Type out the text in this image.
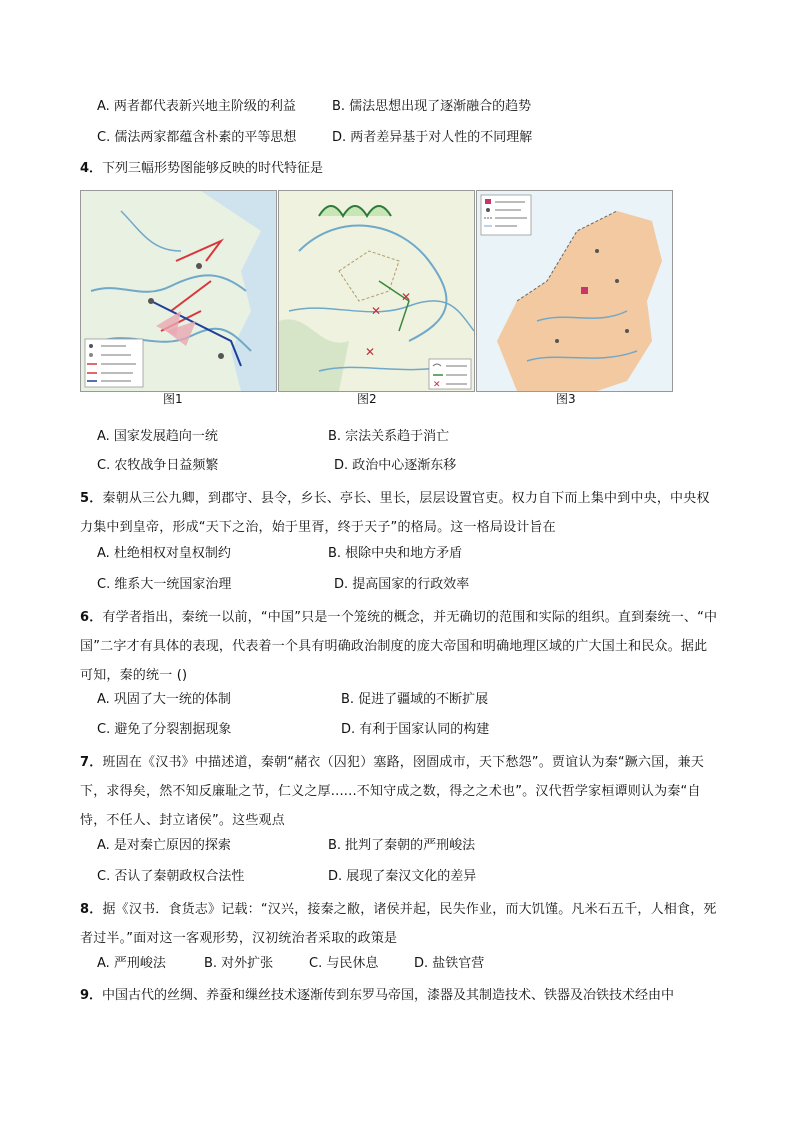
A. 两者都代表新兴地主阶级的利益	B. 儒法思想出现了逐渐融合的趋势
C. 儒法两家都蕴含朴素的平等思想	D. 两者差异基于对人性的不同理解
4．下列三幅形势图能够反映的时代特征是
图1
✕
✕
✕
✕
图2	图3
A. 国家发展趋向一统	B. 宗法关系趋于消亡
C. 农牧战争日益频繁	D. 政治中心逐渐东移
5．秦朝从三公九卿，到郡守、县令，乡长、亭长、里长，层层设置官吏。权力自下而上集中到中央，中央权力集中到皇帝，形成“天下之治，始于里胥，终于天子”的格局。这一格局设计旨在
A. 杜绝相权对皇权制约	B. 根除中央和地方矛盾
C. 维系大一统国家治理	D. 提高国家的行政效率
6．有学者指出，秦统一以前，“中国”只是一个笼统的概念，并无确切的范围和实际的组织。直到秦统一、“中国”二字才有具体的表现，代表着一个具有明确政治制度的庞大帝国和明确地理区域的广大国土和民众。据此可知，秦的统一 ()
A. 巩固了大一统的体制	B. 促进了疆域的不断扩展
C. 避免了分裂割据现象	D. 有利于国家认同的构建
7．班固在《汉书》中描述道，秦朝“赭衣（囚犯）塞路，囹圄成市，天下愁怨”。贾谊认为秦“蹶六国，兼天下，求得矣，然不知反廉耻之节，仁义之厚......不知守成之数，得之之术也”。汉代哲学家桓谭则认为秦“自恃，不任人、封立诸侯”。这些观点
A. 是对秦亡原因的探索	B. 批判了秦朝的严刑峻法
C. 否认了秦朝政权合法性	D. 展现了秦汉文化的差异
8．据《汉书．食货志》记载：“汉兴，接秦之敝，诸侯并起，民失作业，而大饥馑。凡米石五千，人相食，死者过半。”面对这一客观形势，汉初统治者采取的政策是
A. 严刑峻法	B. 对外扩张	C. 与民休息	D. 盐铁官营
9．中国古代的丝绸、养蚕和缫丝技术逐渐传到东罗马帝国，漆器及其制造技术、铁器及冶铁技术经由中
